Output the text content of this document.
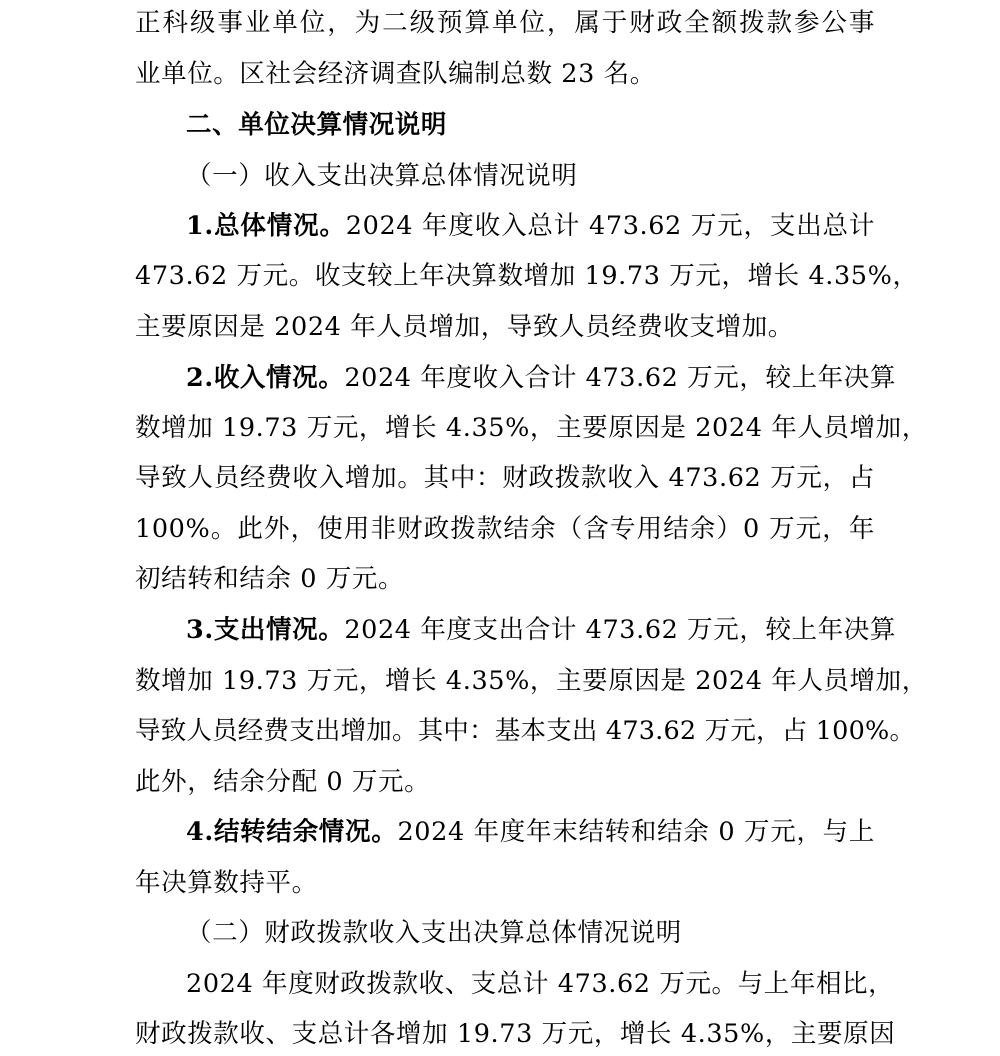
正科级事业单位，为二级预算单位，属于财政全额拨款参公事
业单位。区社会经济调查队编制总数 23 名。
二、单位决算情况说明
（一）收入支出决算总体情况说明
1.总体情况。2024 年度收入总计 473.62 万元，支出总计
473.62 万元。收支较上年决算数增加 19.73 万元，增长 4.35%，
主要原因是 2024 年人员增加，导致人员经费收支增加。
2.收入情况。2024 年度收入合计 473.62 万元，较上年决算
数增加 19.73 万元，增长 4.35%，主要原因是 2024 年人员增加，
导致人员经费收入增加。其中：财政拨款收入 473.62 万元，占
100%。此外，使用非财政拨款结余（含专用结余）0 万元，年
初结转和结余 0 万元。
3.支出情况。2024 年度支出合计 473.62 万元，较上年决算
数增加 19.73 万元，增长 4.35%，主要原因是 2024 年人员增加，
导致人员经费支出增加。其中：基本支出 473.62 万元，占 100%。
此外，结余分配 0 万元。
4.结转结余情况。2024 年度年末结转和结余 0 万元，与上
年决算数持平。
（二）财政拨款收入支出决算总体情况说明
2024 年度财政拨款收、支总计 473.62 万元。与上年相比，
财政拨款收、支总计各增加 19.73 万元，增长 4.35%，主要原因
